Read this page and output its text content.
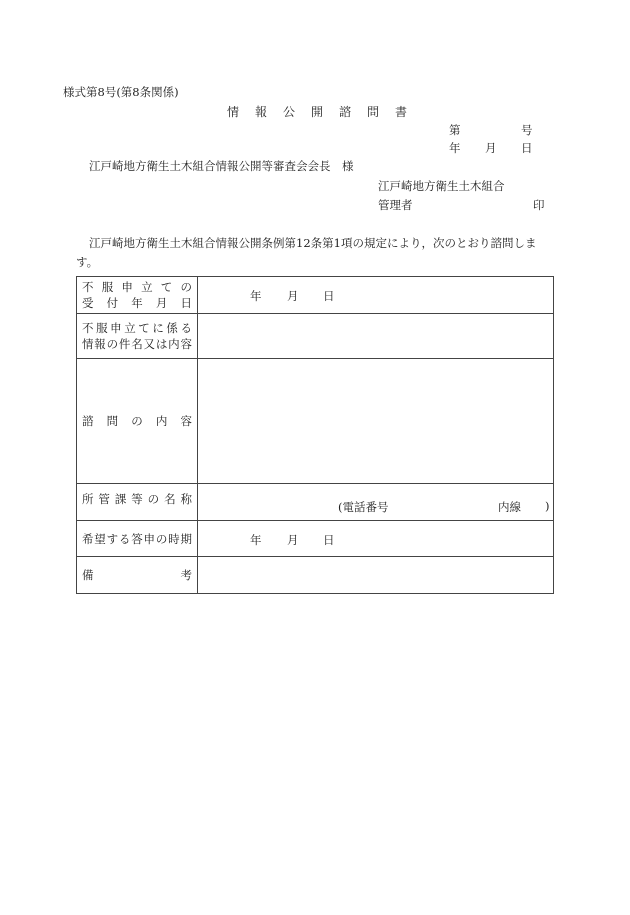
様式第8号(第8条関係)
情報公開諮問書
第	号
年 月 日
江戸崎地方衛生土木組合情報公開等審査会会長　様
江戸崎地方衛生土木組合
管理者	印
江戸崎地方衛生土木組合情報公開条例第12条第1項の規定により，次のとおり諮問しま
す。
不服申立ての
受付年月日	年 月 日

不服申立てに係る
情報の件名又は内容	

諮問の内容	

所管課等の名称	(電話番号 内線 )

希望する答申の時期	年 月 日

備考	
